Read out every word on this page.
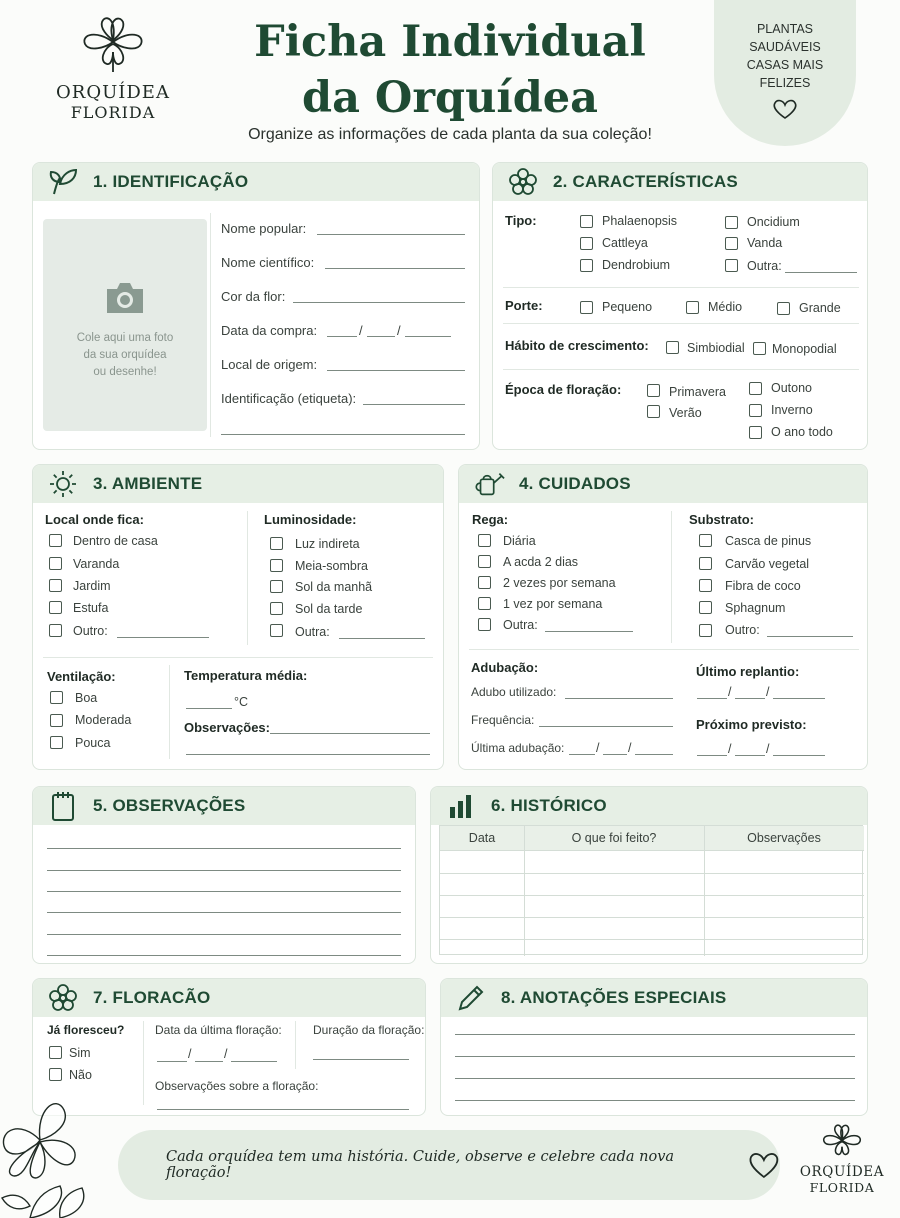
ORQUÍDEA
FLORIDA
Ficha Individual
da Orquídea
Organize as informações de cada planta da sua coleção!
PLANTAS
SAUDÁVEIS
CASAS MAIS
FELIZES
1. IDENTIFICAÇÃO
Cole aqui uma foto
da sua orquídea
ou desenhe!
Nome popular:
Nome científico:
Cor da flor:
Data da compra:	/	/
Local de origem:
Identificação (etiqueta):
2. CARACTERÍSTICAS
Tipo:	Phalaenopsis
Cattleya
Dendrobium
Oncidium
Vanda
Outra:
Porte:	Pequeno	Médio	Grande
Hábito de crescimento:	Simbiodial Monopodial
Época de floração:	Primavera
Verão
Outono
Inverno
O ano todo
3. AMBIENTE
Local onde fica:
Dentro de casa
Varanda
Jardim
Estufa
Outro:
Luminosidade:
Luz indireta
Meia-sombra
Sol da manhã
Sol da tarde
Outra:
Ventilação:
Boa
Moderada
Pouca
Temperatura média:
°C
Observações:
4. CUIDADOS
Rega:
Diária
A acda 2 dias
2 vezes por semana
1 vez por semana
Outra:
Substrato:
Casca de pinus
Carvão vegetal
Fibra de coco
Sphagnum
Outro:
Adubação:
Adubo utilizado:
Frequência:
Última adubação:	/ /
Último replantio:
/	/
Próximo previsto:
/	/
5. OBSERVAÇÕES	6. HISTÓRICO
Data	O que foi feito?	Observações
7. FLORACÃO
Já floresceu?
Sim
Não
Data da última floração:
/	/
Duração da floração:
Observações sobre a floração:
8. ANOTAÇÕES ESPECIAIS
Cada orquídea tem uma história. Cuide, observe e celebre cada nova floração!	ORQUÍDEA
FLORIDA
